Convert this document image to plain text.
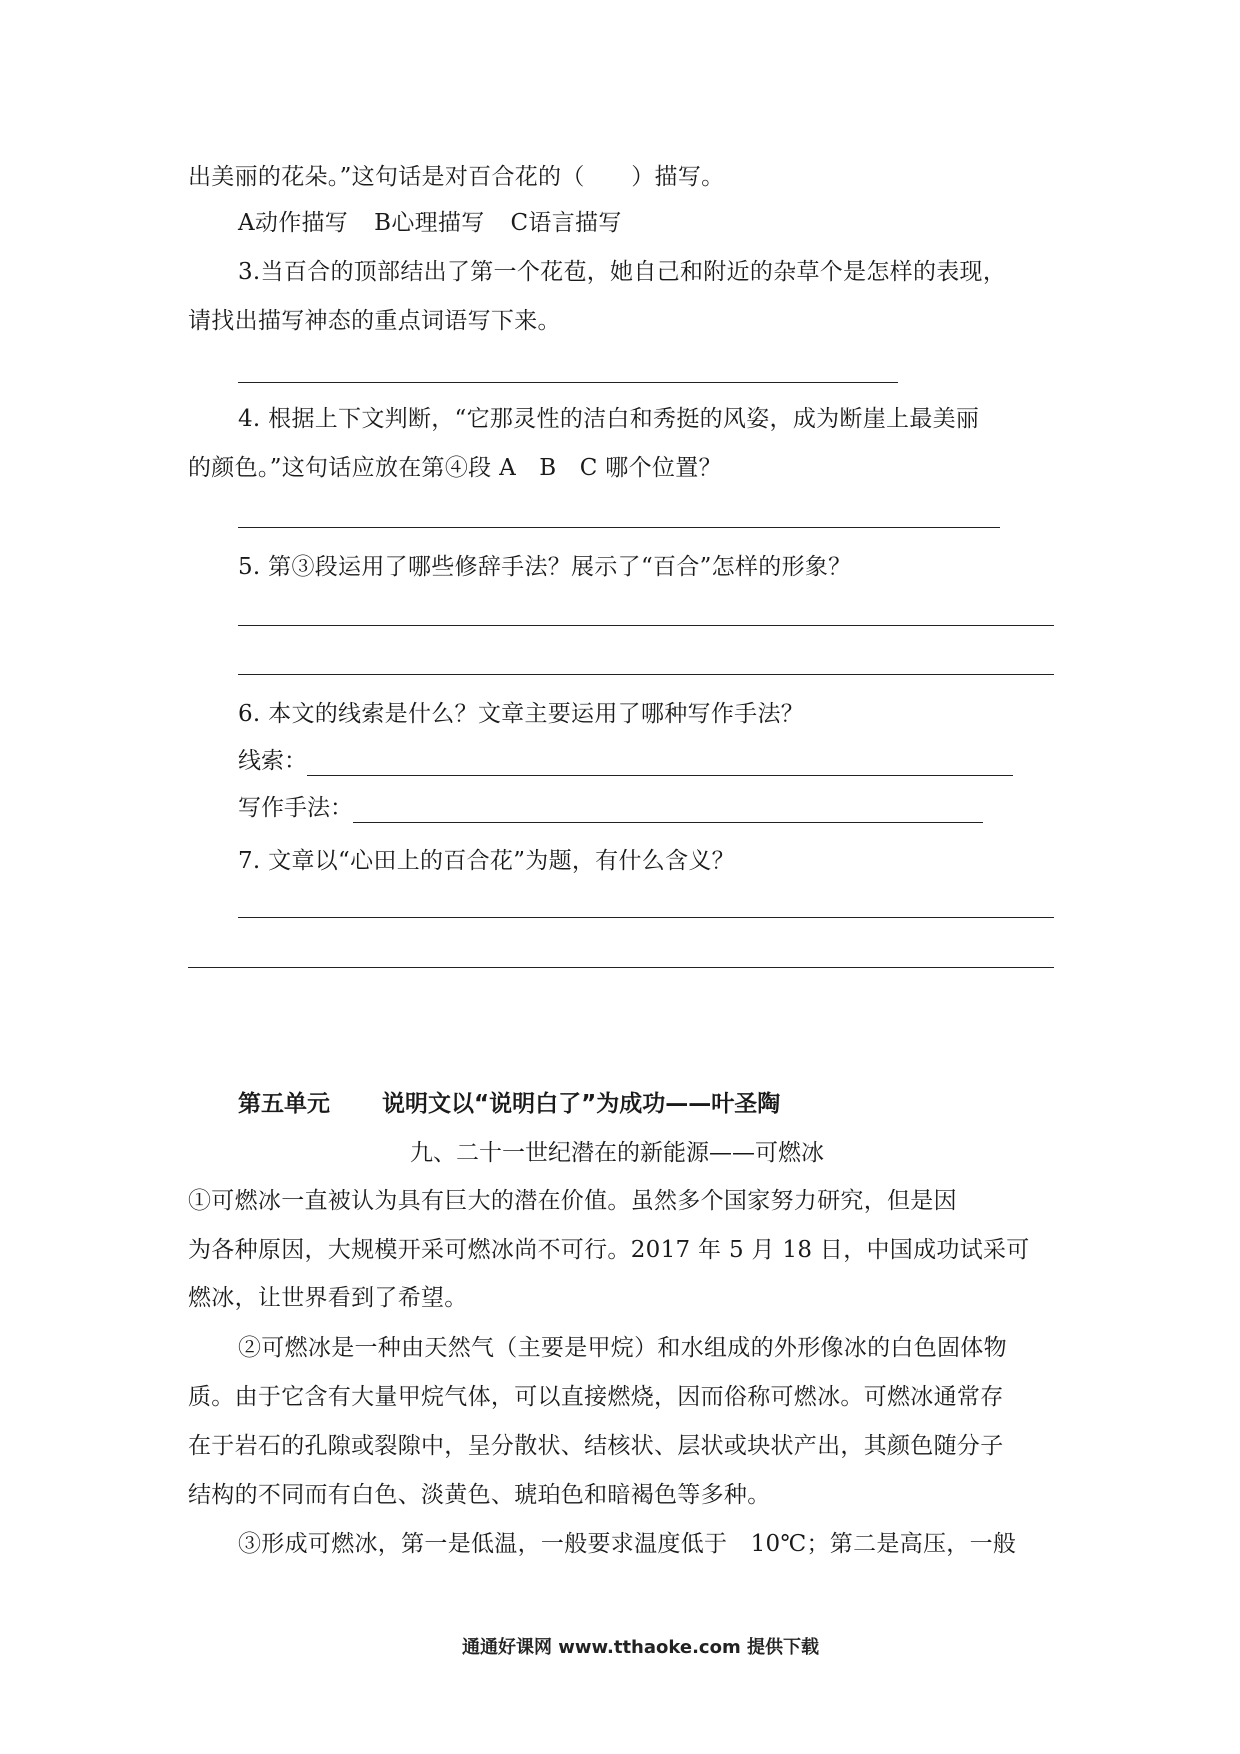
出美丽的花朵。”这句话是对百合花的（　　）描写。
A动作描写 B心理描写 C语言描写
3.当百合的顶部结出了第一个花苞，她自己和附近的杂草个是怎样的表现，
请找出描写神态的重点词语写下来。
4. 根据上下文判断，“它那灵性的洁白和秀挺的风姿，成为断崖上最美丽
的颜色。”这句话应放在第④段 A　B　C 哪个位置？
5. 第③段运用了哪些修辞手法？展示了“百合”怎样的形象？
6. 本文的线索是什么？文章主要运用了哪种写作手法？
线索：
写作手法：
7. 文章以“心田上的百合花”为题，有什么含义？
第五单元 说明文以“说明白了”为成功——叶圣陶
九、二十一世纪潜在的新能源——可燃冰
①可燃冰一直被认为具有巨大的潜在价值。虽然多个国家努力研究，但是因
为各种原因，大规模开采可燃冰尚不可行。2017 年 5 月 18 日，中国成功试采可
燃冰，让世界看到了希望。
②可燃冰是一种由天然气（主要是甲烷）和水组成的外形像冰的白色固体物
质。由于它含有大量甲烷气体，可以直接燃烧，因而俗称可燃冰。可燃冰通常存
在于岩石的孔隙或裂隙中，呈分散状、结核状、层状或块状产出，其颜色随分子
结构的不同而有白色、淡黄色、琥珀色和暗褐色等多种。
③形成可燃冰，第一是低温，一般要求温度低于　10℃；第二是高压，一般
通通好课网 www.tthaoke.com 提供下载
